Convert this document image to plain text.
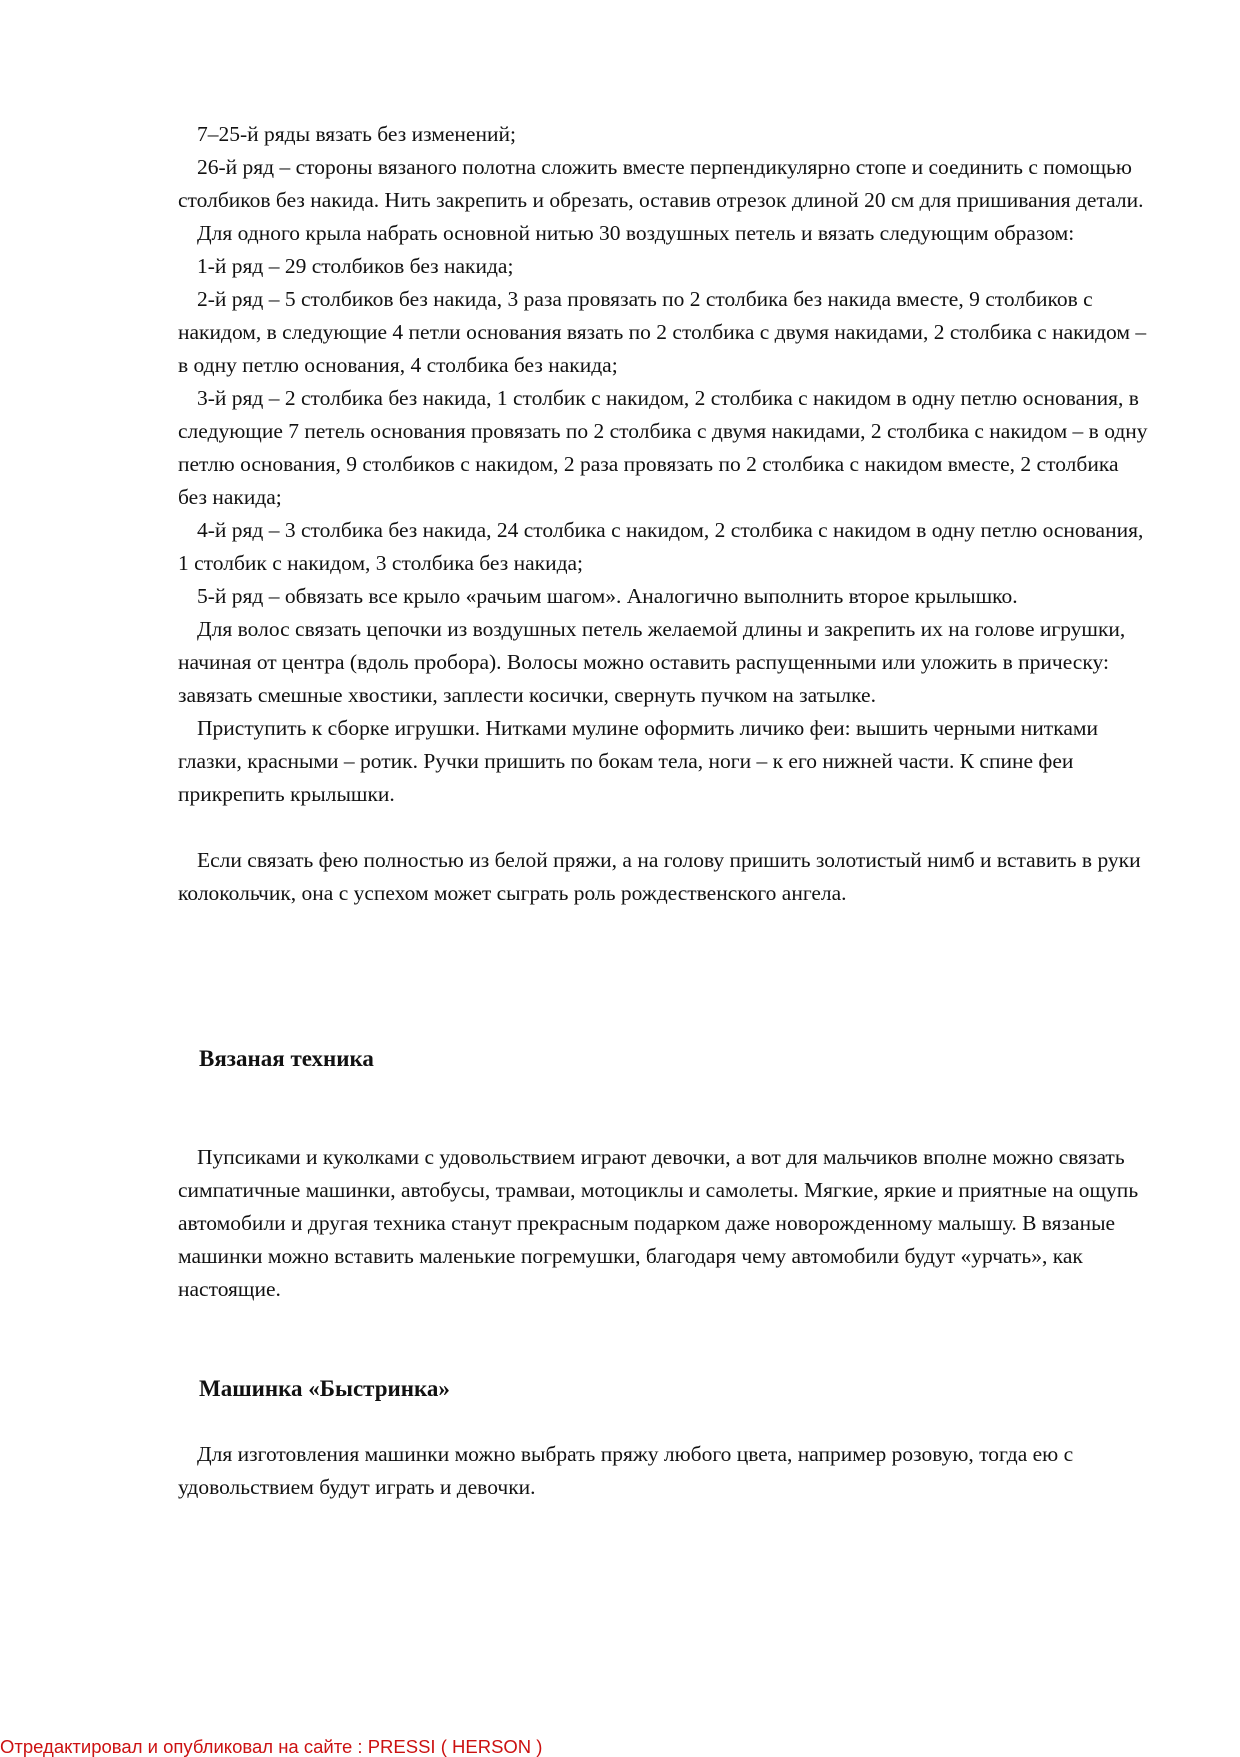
7–25-й ряды вязать без изменений;

26-й ряд – стороны вязаного полотна сложить вместе перпендикулярно стопе и соединить с помощью столбиков без накида. Нить закрепить и обрезать, оставив отрезок длиной 20 см для пришивания детали.

Для одного крыла набрать основной нитью 30 воздушных петель и вязать следующим образом:

1-й ряд – 29 столбиков без накида;

2-й ряд – 5 столбиков без накида, 3 раза провязать по 2 столбика без накида вместе, 9 столбиков с накидом, в следующие 4 петли основания вязать по 2 столбика с двумя накидами, 2 столбика с накидом – в одну петлю основания, 4 столбика без накида;

3-й ряд – 2 столбика без накида, 1 столбик с накидом, 2 столбика с накидом в одну петлю основания, в следующие 7 петель основания провязать по 2 столбика с двумя накидами, 2 столбика с накидом – в одну петлю основания, 9 столбиков с накидом, 2 раза провязать по 2 столбика с накидом вместе, 2 столбика без накида;

4-й ряд – 3 столбика без накида, 24 столбика с накидом, 2 столбика с накидом в одну петлю основания, 1 столбик с накидом, 3 столбика без накида;

5-й ряд – обвязать все крыло «рачьим шагом». Аналогично выполнить второе крылышко.

Для волос связать цепочки из воздушных петель желаемой длины и закрепить их на голове игрушки, начиная от центра (вдоль пробора). Волосы можно оставить распущенными или уложить в прическу: завязать смешные хвостики, заплести косички, свернуть пучком на затылке.

Приступить к сборке игрушки. Нитками мулине оформить личико феи: вышить черными нитками глазки, красными – ротик. Ручки пришить по бокам тела, ноги – к его нижней части. К спине феи прикрепить крылышки.

Если связать фею полностью из белой пряжи, а на голову пришить золотистый нимб и вставить в руки колокольчик, она с успехом может сыграть роль рождественского ангела.

Вязаная техника

Пупсиками и куколками с удовольствием играют девочки, а вот для мальчиков вполне можно связать симпатичные машинки, автобусы, трамваи, мотоциклы и самолеты. Мягкие, яркие и приятные на ощупь автомобили и другая техника станут прекрасным подарком даже новорожденному малышу. В вязаные машинки можно вставить маленькие погремушки, благодаря чему автомобили будут «урчать», как настоящие.

Машинка «Быстринка»

Для изготовления машинки можно выбрать пряжу любого цвета, например розовую, тогда ею с удовольствием будут играть и девочки.

Отредактировал и опубликовал на сайте : PRESSI ( HERSON )
